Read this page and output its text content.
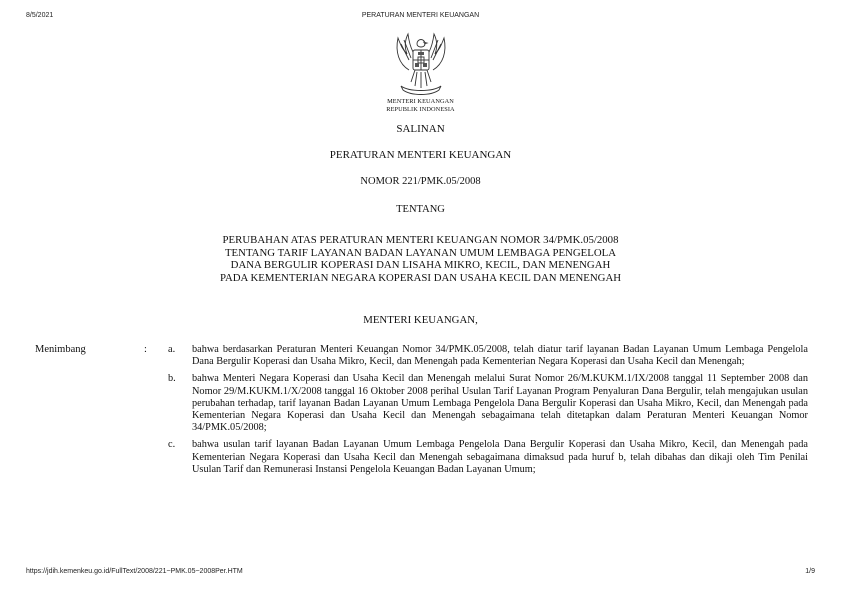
8/5/2021	PERATURAN MENTERI KEUANGAN
MENTERI KEUANGAN
REPUBLIK INDONESIA
SALINAN
PERATURAN MENTERI KEUANGAN
NOMOR 221/PMK.05/2008
TENTANG
PERUBAHAN ATAS PERATURAN MENTERI KEUANGAN NOMOR 34/PMK.05/2008
TENTANG TARIF LAYANAN BADAN LAYANAN UMUM LEMBAGA PENGELOLA
DANA BERGULIR KOPERASI DAN LISAHA MIKRO, KECIL, DAN MENENGAH
PADA KEMENTERIAN NEGARA KOPERASI DAN USAHA KECIL DAN MENENGAH
MENTERI KEUANGAN,
Menimbang	: a.	bahwa berdasarkan Peraturan Menteri Keuangan Nomor 34/PMK.05/2008, telah diatur tarif layanan Badan Layanan Umum Lembaga Pengelola Dana Bergulir Koperasi dan Usaha Mikro, Kecil, dan Menengah pada Kementerian Negara Koperasi dan Usaha Kecil dan Menengah;
b.	bahwa Menteri Negara Koperasi dan Usaha Kecil dan Menengah melalui Surat Nomor 26/M.KUKM.1/IX/2008 tanggal 11 September 2008 dan Nomor 29/M.KUKM.1/X/2008 tanggal 16 Oktober 2008 perihal Usulan Tarif Layanan Program Penyaluran Dana Bergulir, telah mengajukan usulan perubahan terhadap, tarif layanan Badan Layanan Umum Lembaga Pengelola Dana Bergulir Koperasi dan Usaha Mikro, Kecil, dan Menengah pada Kementerian Negara Koperasi dan Usaha Kecil dan Menengah sebagaimana telah ditetapkan dalam Peraturan Menteri Keuangan Nomor 34/PMK.05/2008;
c.	bahwa usulan tarif layanan Badan Layanan Umum Lembaga Pengelola Dana Bergulir Koperasi dan Usaha Mikro, Kecil, dan Menengah pada Kementerian Negara Koperasi dan Usaha Kecil dan Menengah sebagaimana dimaksud pada huruf b, telah dibahas dan dikaji oleh Tim Penilai Usulan Tarif dan Remunerasi Instansi Pengelola Keuangan Badan Layanan Umum;
https://jdih.kemenkeu.go.id/FullText/2008/221~PMK.05~2008Per.HTM	1/9
